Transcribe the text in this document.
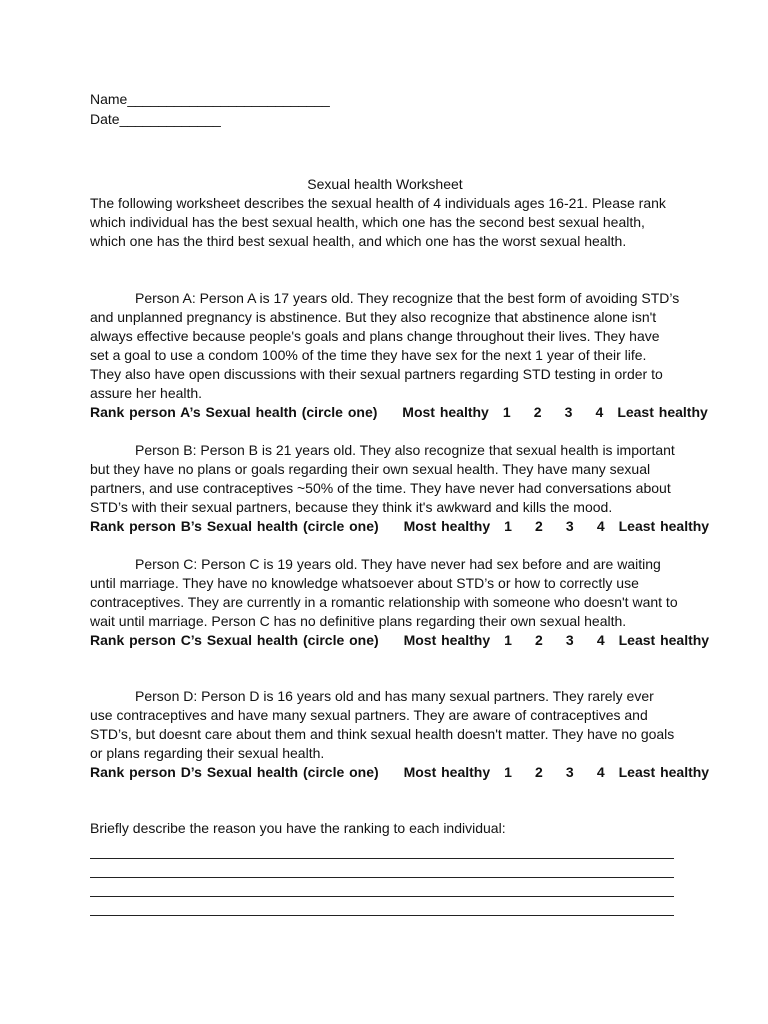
Name__________________________
Date_____________
Sexual health Worksheet

The following worksheet describes the sexual health of 4 individuals ages 16-21. Please rank which individual has the best sexual health, which one has the second best sexual health, which one has the third best sexual health, and which one has the worst sexual health.

Person A: Person A is 17 years old. They recognize that the best form of avoiding STD’s and unplanned pregnancy is abstinence. But they also recognize that abstinence alone isn't always effective because people's goals and plans change throughout their lives. They have set a goal to use a condom 100% of the time they have sex for the next 1 year of their life. They also have open discussions with their sexual partners regarding STD testing in order to assure her health.

Rank person A’s Sexual health (circle one) Most healthy 1 2 3 4 Least healthy

Person B: Person B is 21 years old. They also recognize that sexual health is important but they have no plans or goals regarding their own sexual health. They have many sexual partners, and use contraceptives ~50% of the time. They have never had conversations about STD’s with their sexual partners, because they think it's awkward and kills the mood.

Rank person B’s Sexual health (circle one) Most healthy 1 2 3 4 Least healthy

Person C: Person C is 19 years old. They have never had sex before and are waiting until marriage. They have no knowledge whatsoever about STD’s or how to correctly use contraceptives. They are currently in a romantic relationship with someone who doesn't want to wait until marriage. Person C has no definitive plans regarding their own sexual health.

Rank person C’s Sexual health (circle one) Most healthy 1 2 3 4 Least healthy

Person D: Person D is 16 years old and has many sexual partners. They rarely ever use contraceptives and have many sexual partners. They are aware of contraceptives and STD’s, but doesnt care about them and think sexual health doesn't matter. They have no goals or plans regarding their sexual health.

Rank person D’s Sexual health (circle one) Most healthy 1 2 3 4 Least healthy
Briefly describe the reason you have the ranking to each individual:
